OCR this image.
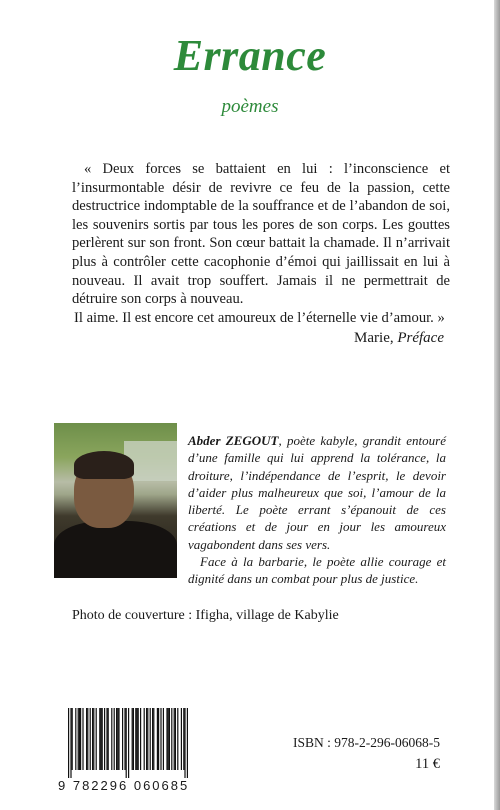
Errance
poèmes

« Deux forces se battaient en lui : l’inconscience et l’insurmontable désir de revivre ce feu de la passion, cette destructrice indomptable de la souffrance et de l’abandon de soi, les souvenirs sortis par tous les pores de son corps. Les gouttes perlèrent sur son front. Son cœur battait la chamade. Il n’arrivait plus à contrôler cette cacophonie d’émoi qui jaillissait en lui à nouveau. Il avait trop souffert. Jamais il ne permettrait de détruire son corps à nouveau.

Il aime. Il est encore cet amoureux de l’éternelle vie d’amour. »

Marie, Préface

Abder ZEGOUT, poète kabyle, grandit entouré d’une famille qui lui apprend la tolérance, la droiture, l’indépendance de l’esprit, le devoir d’aider plus malheureux que soi, l’amour de la liberté. Le poète errant s’épanouit de ces créations et de jour en jour les amoureux vagabondent dans ses vers.

Face à la barbarie, le poète allie courage et dignité dans un combat pour plus de justice.

Photo de couverture : Ifigha, village de Kabylie
9 782296 060685
ISBN : 978-2-296-06068-5
11 €
